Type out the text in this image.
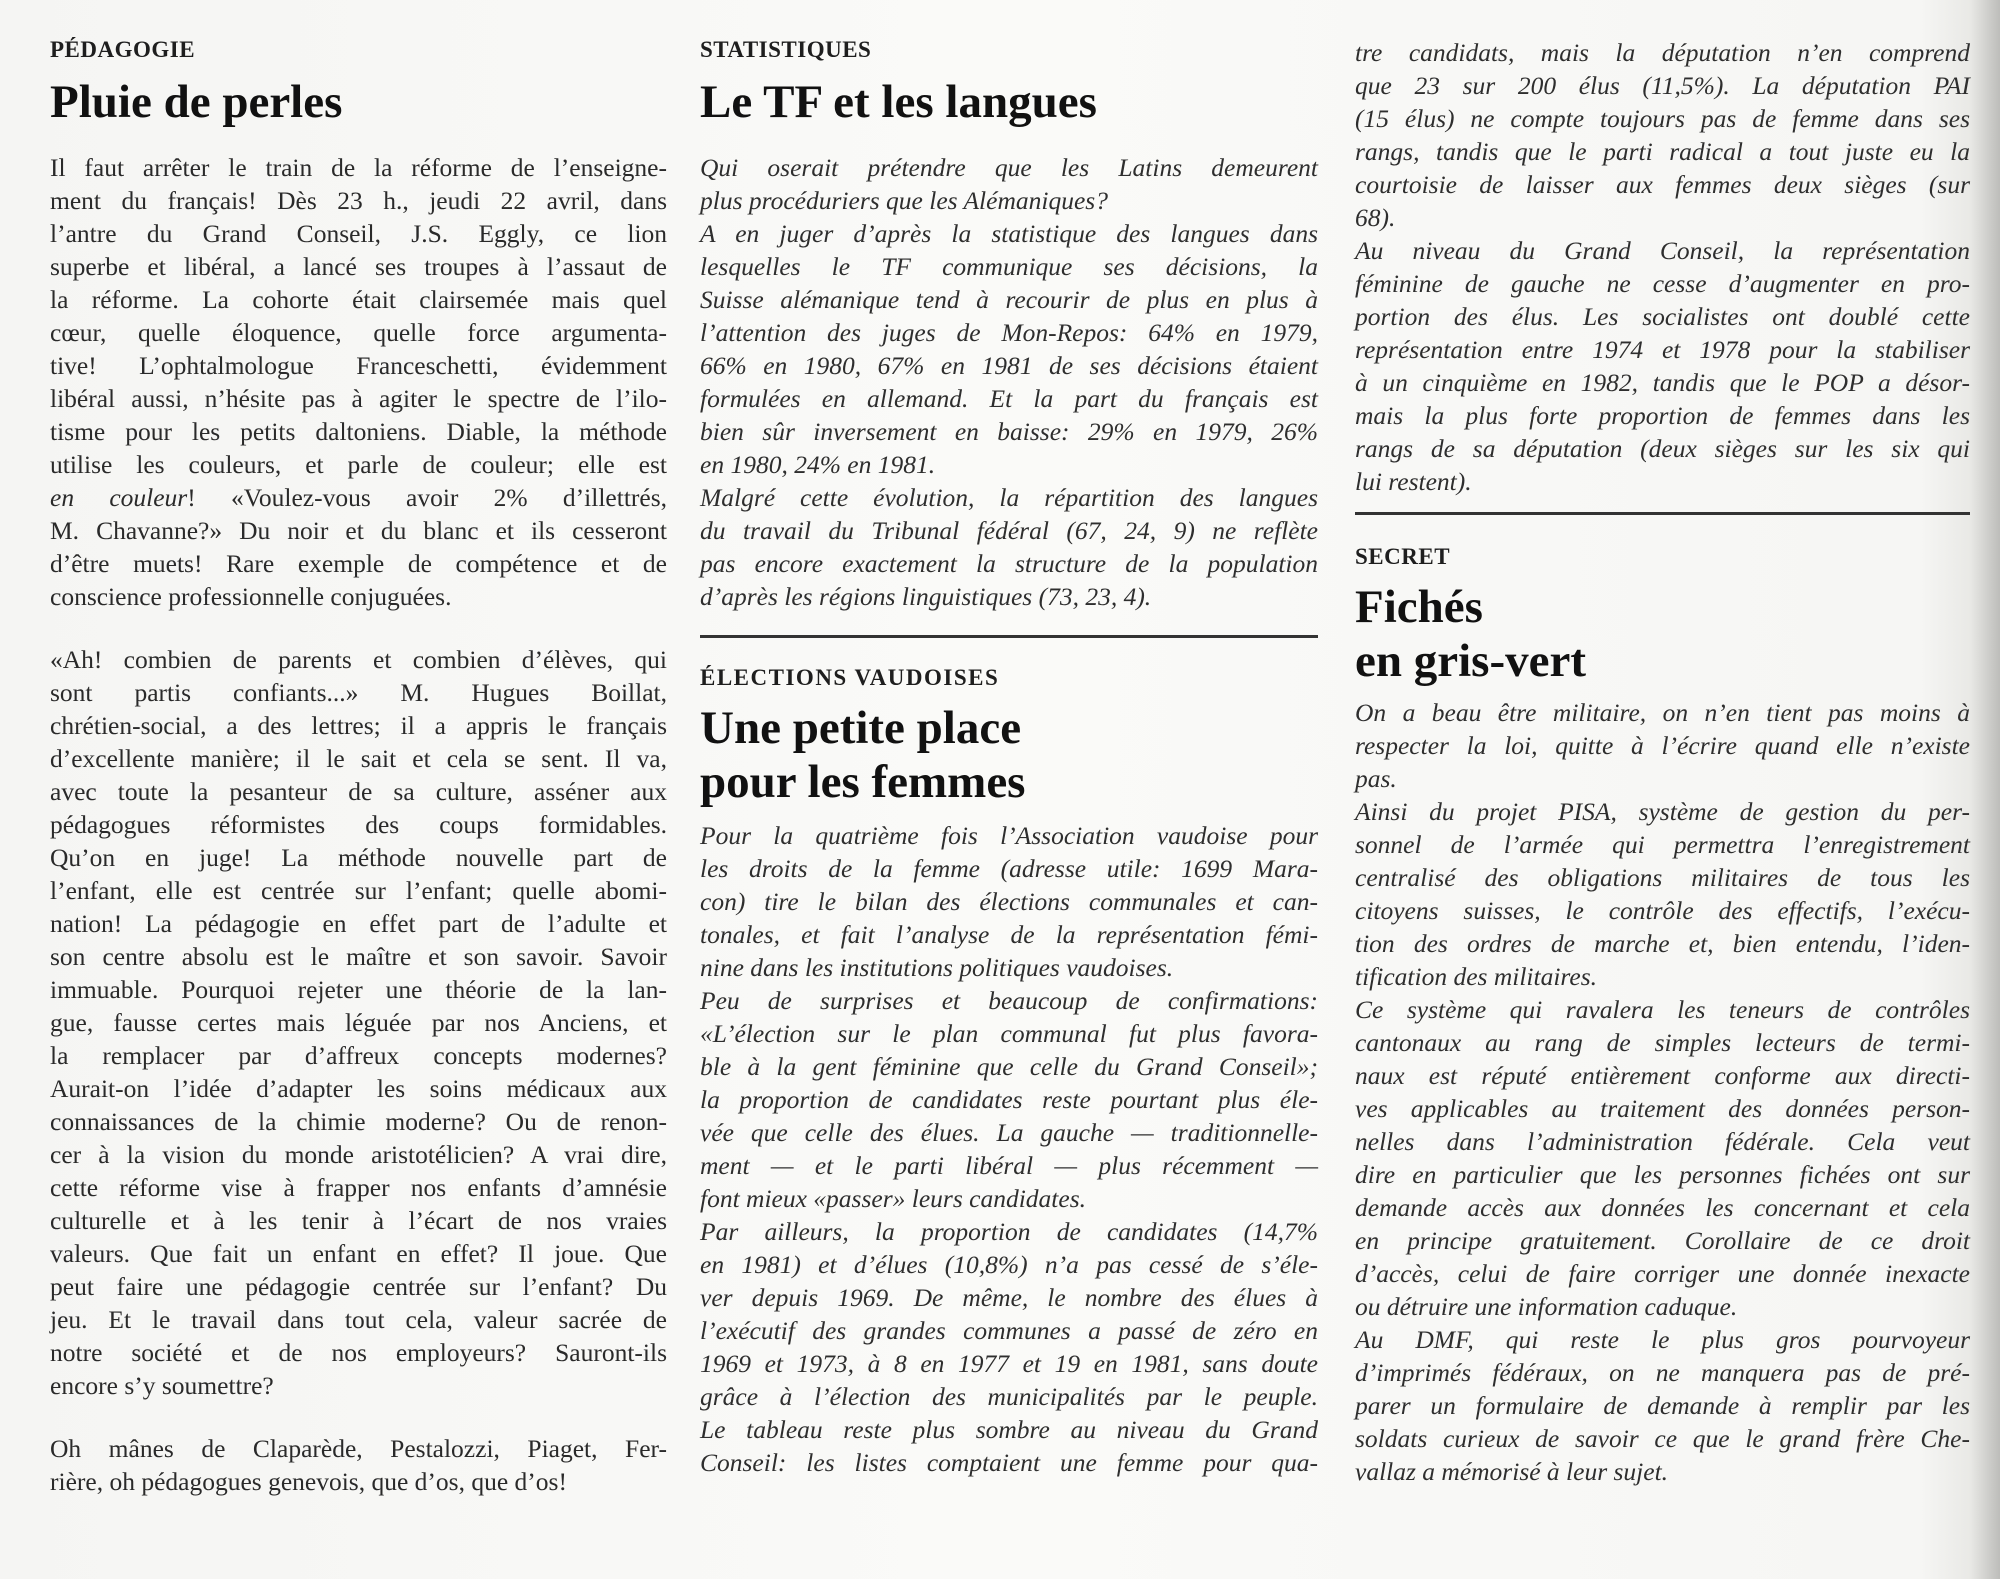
PÉDAGOGIE
Pluie de perles
Il faut arrêter le train de la réforme de l’enseigne-
ment du français! Dès 23 h., jeudi 22 avril, dans
l’antre du Grand Conseil, J.S. Eggly, ce lion
superbe et libéral, a lancé ses troupes à l’assaut de
la réforme. La cohorte était clairsemée mais quel
cœur, quelle éloquence, quelle force argumenta-
tive! L’ophtalmologue Franceschetti, évidemment
libéral aussi, n’hésite pas à agiter le spectre de l’ilo-
tisme pour les petits daltoniens. Diable, la méthode
utilise les couleurs, et parle de couleur; elle est
en couleur! «Voulez-vous avoir 2% d’illettrés,
M. Chavanne?» Du noir et du blanc et ils cesseront
d’être muets! Rare exemple de compétence et de
conscience professionnelle conjuguées.
«Ah! combien de parents et combien d’élèves, qui
sont partis confiants...» M. Hugues Boillat,
chrétien-social, a des lettres; il a appris le français
d’excellente manière; il le sait et cela se sent. Il va,
avec toute la pesanteur de sa culture, asséner aux
pédagogues réformistes des coups formidables.
Qu’on en juge! La méthode nouvelle part de
l’enfant, elle est centrée sur l’enfant; quelle abomi-
nation! La pédagogie en effet part de l’adulte et
son centre absolu est le maître et son savoir. Savoir
immuable. Pourquoi rejeter une théorie de la lan-
gue, fausse certes mais léguée par nos Anciens, et
la remplacer par d’affreux concepts modernes?
Aurait-on l’idée d’adapter les soins médicaux aux
connaissances de la chimie moderne? Ou de renon-
cer à la vision du monde aristotélicien? A vrai dire,
cette réforme vise à frapper nos enfants d’amnésie
culturelle et à les tenir à l’écart de nos vraies
valeurs. Que fait un enfant en effet? Il joue. Que
peut faire une pédagogie centrée sur l’enfant? Du
jeu. Et le travail dans tout cela, valeur sacrée de
notre société et de nos employeurs? Sauront-ils
encore s’y soumettre?
Oh mânes de Claparède, Pestalozzi, Piaget, Fer-
rière, oh pédagogues genevois, que d’os, que d’os!
STATISTIQUES
Le TF et les langues
Qui oserait prétendre que les Latins demeurent
plus procéduriers que les Alémaniques?
A en juger d’après la statistique des langues dans
lesquelles le TF communique ses décisions, la
Suisse alémanique tend à recourir de plus en plus à
l’attention des juges de Mon-Repos: 64% en 1979,
66% en 1980, 67% en 1981 de ses décisions étaient
formulées en allemand. Et la part du français est
bien sûr inversement en baisse: 29% en 1979, 26%
en 1980, 24% en 1981.
Malgré cette évolution, la répartition des langues
du travail du Tribunal fédéral (67, 24, 9) ne reflète
pas encore exactement la structure de la population
d’après les régions linguistiques (73, 23, 4).
ÉLECTIONS VAUDOISES
Une petite place
pour les femmes
Pour la quatrième fois l’Association vaudoise pour
les droits de la femme (adresse utile: 1699 Mara-
con) tire le bilan des élections communales et can-
tonales, et fait l’analyse de la représentation fémi-
nine dans les institutions politiques vaudoises.
Peu de surprises et beaucoup de confirmations:
«L’élection sur le plan communal fut plus favora-
ble à la gent féminine que celle du Grand Conseil»;
la proportion de candidates reste pourtant plus éle-
vée que celle des élues. La gauche — traditionnelle-
ment — et le parti libéral — plus récemment —
font mieux «passer» leurs candidates.
Par ailleurs, la proportion de candidates (14,7%
en 1981) et d’élues (10,8%) n’a pas cessé de s’éle-
ver depuis 1969. De même, le nombre des élues à
l’exécutif des grandes communes a passé de zéro en
1969 et 1973, à 8 en 1977 et 19 en 1981, sans doute
grâce à l’élection des municipalités par le peuple.
Le tableau reste plus sombre au niveau du Grand
Conseil: les listes comptaient une femme pour qua-
tre candidats, mais la députation n’en comprend
que 23 sur 200 élus (11,5%). La députation PAI
(15 élus) ne compte toujours pas de femme dans ses
rangs, tandis que le parti radical a tout juste eu la
courtoisie de laisser aux femmes deux sièges (sur
68).
Au niveau du Grand Conseil, la représentation
féminine de gauche ne cesse d’augmenter en pro-
portion des élus. Les socialistes ont doublé cette
représentation entre 1974 et 1978 pour la stabiliser
à un cinquième en 1982, tandis que le POP a désor-
mais la plus forte proportion de femmes dans les
rangs de sa députation (deux sièges sur les six qui
lui restent).
SECRET
Fichés
en gris-vert
On a beau être militaire, on n’en tient pas moins à
respecter la loi, quitte à l’écrire quand elle n’existe
pas.
Ainsi du projet PISA, système de gestion du per-
sonnel de l’armée qui permettra l’enregistrement
centralisé des obligations militaires de tous les
citoyens suisses, le contrôle des effectifs, l’exécu-
tion des ordres de marche et, bien entendu, l’iden-
tification des militaires.
Ce système qui ravalera les teneurs de contrôles
cantonaux au rang de simples lecteurs de termi-
naux est réputé entièrement conforme aux directi-
ves applicables au traitement des données person-
nelles dans l’administration fédérale. Cela veut
dire en particulier que les personnes fichées ont sur
demande accès aux données les concernant et cela
en principe gratuitement. Corollaire de ce droit
d’accès, celui de faire corriger une donnée inexacte
ou détruire une information caduque.
Au DMF, qui reste le plus gros pourvoyeur
d’imprimés fédéraux, on ne manquera pas de pré-
parer un formulaire de demande à remplir par les
soldats curieux de savoir ce que le grand frère Che-
vallaz a mémorisé à leur sujet.
